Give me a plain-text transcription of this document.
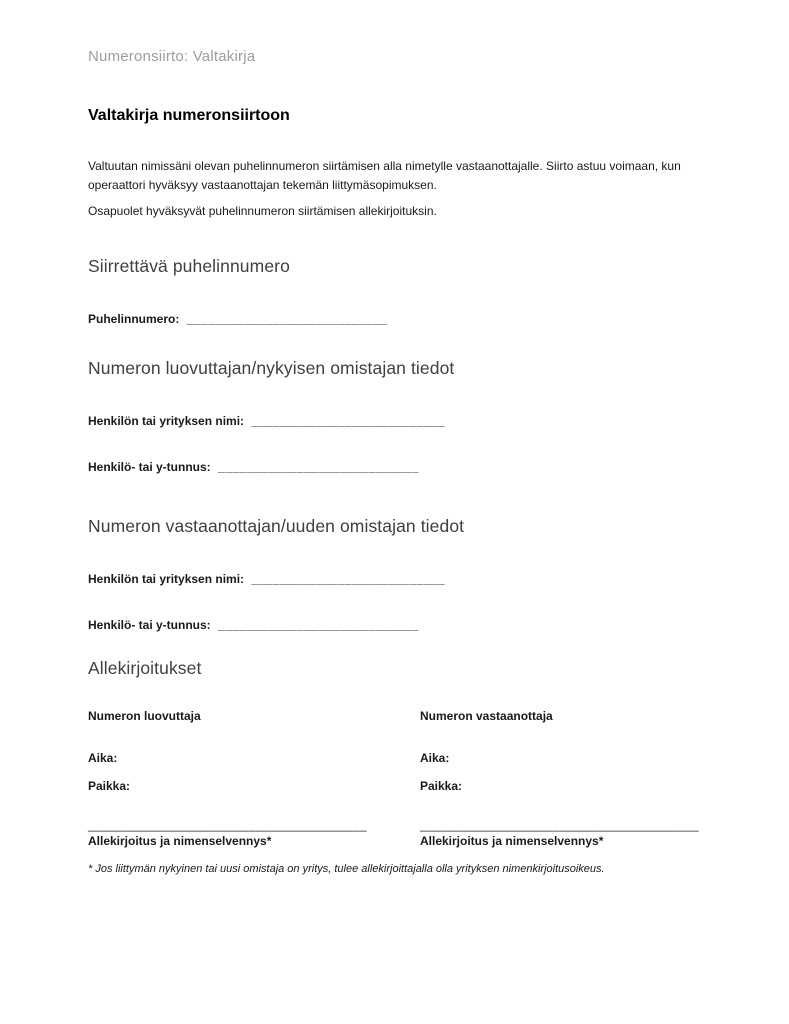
Numeronsiirto: Valtakirja
Valtakirja numeronsiirtoon

Valtuutan nimissäni olevan puhelinnumeron siirtämisen alla nimetylle vastaanottajalle. Siirto astuu voimaan, kun operaattori hyväksyy vastaanottajan tekemän liittymäsopimuksen.

Osapuolet hyväksyvät puhelinnumeron siirtämisen allekirjoituksin.

Siirrettävä puhelinnumero
Puhelinnumero: ____________________________
Numeron luovuttajan/nykyisen omistajan tiedot
Henkilön tai yrityksen nimi: ___________________________
Henkilö- tai y-tunnus: ____________________________
Numeron vastaanottajan/uuden omistajan tiedot
Henkilön tai yrityksen nimi: ___________________________
Henkilö- tai y-tunnus: ____________________________
Allekirjoitukset
Numeron luovuttaja
Aika:
Paikka:
________________________________________
Allekirjoitus ja nimenselvennys*
Numeron vastaanottaja
Aika:
Paikka:
________________________________________
Allekirjoitus ja nimenselvennys*
* Jos liittymän nykyinen tai uusi omistaja on yritys, tulee allekirjoittajalla olla yrityksen nimenkirjoitusoikeus.
